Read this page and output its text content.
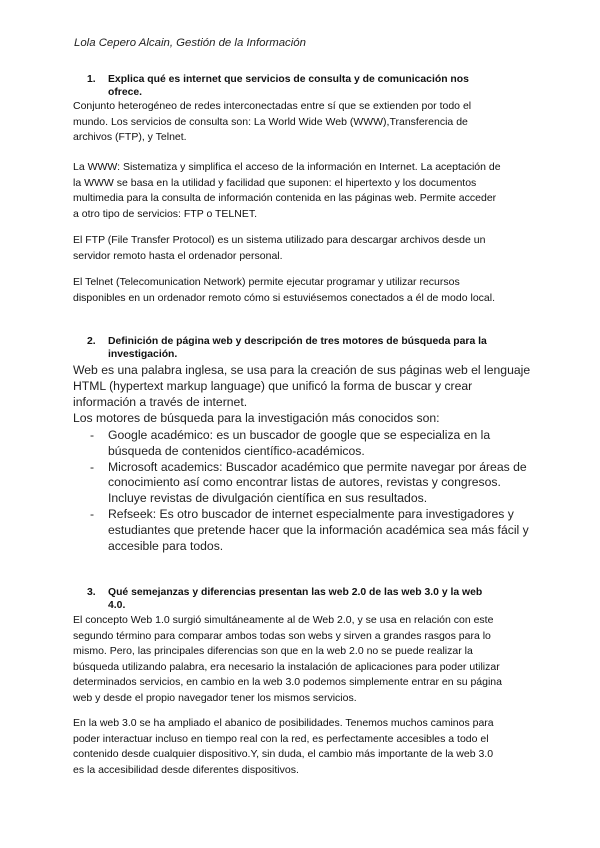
Lola Cepero Alcain, Gestión de la Información
1.	Explica qué es internet que servicios de consulta y de comunicación nos
ofrece.
Conjunto heterogéneo de redes interconectadas entre sí que se extienden por todo el
mundo. Los servicios de consulta son: La World Wide Web (WWW),Transferencia de
archivos (FTP), y Telnet.
La WWW: Sistematiza y simplifica el acceso de la información en Internet. La aceptación de
la WWW se basa en la utilidad y facilidad que suponen: el hipertexto y los documentos
multimedia para la consulta de información contenida en las páginas web. Permite acceder
a otro tipo de servicios: FTP o TELNET.
El FTP (File Transfer Protocol) es un sistema utilizado para descargar archivos desde un
servidor remoto hasta el ordenador personal.
El Telnet (Telecomunication Network) permite ejecutar programar y utilizar recursos
disponibles en un ordenador remoto cómo si estuviésemos conectados a él de modo local.
2.	Definición de página web y descripción de tres motores de búsqueda para la
investigación.
Web es una palabra inglesa, se usa para la creación de sus páginas web el lenguaje
HTML (hypertext markup language) que unificó la forma de buscar y crear
información a través de internet.
Los motores de búsqueda para la investigación más conocidos son:
- Google académico: es un buscador de google que se especializa en la
búsqueda de contenidos científico-académicos.
- Microsoft academics: Buscador académico que permite navegar por áreas de
conocimiento así como encontrar listas de autores, revistas y congresos.
Incluye revistas de divulgación científica en sus resultados.
- Refseek: Es otro buscador de internet especialmente para investigadores y
estudiantes que pretende hacer que la información académica sea más fácil y
accesible para todos.
3.	Qué semejanzas y diferencias presentan las web 2.0 de las web 3.0 y la web
4.0.
El concepto Web 1.0 surgió simultáneamente al de Web 2.0, y se usa en relación con este
segundo término para comparar ambos todas son webs y sirven a grandes rasgos para lo
mismo. Pero, las principales diferencias son que en la web 2.0 no se puede realizar la
búsqueda utilizando palabra, era necesario la instalación de aplicaciones para poder utilizar
determinados servicios, en cambio en la web 3.0 podemos simplemente entrar en su página
web y desde el propio navegador tener los mismos servicios.
En la web 3.0 se ha ampliado el abanico de posibilidades. Tenemos muchos caminos para
poder interactuar incluso en tiempo real con la red, es perfectamente accesibles a todo el
contenido desde cualquier dispositivo.Y, sin duda, el cambio más importante de la web 3.0
es la accesibilidad desde diferentes dispositivos.
